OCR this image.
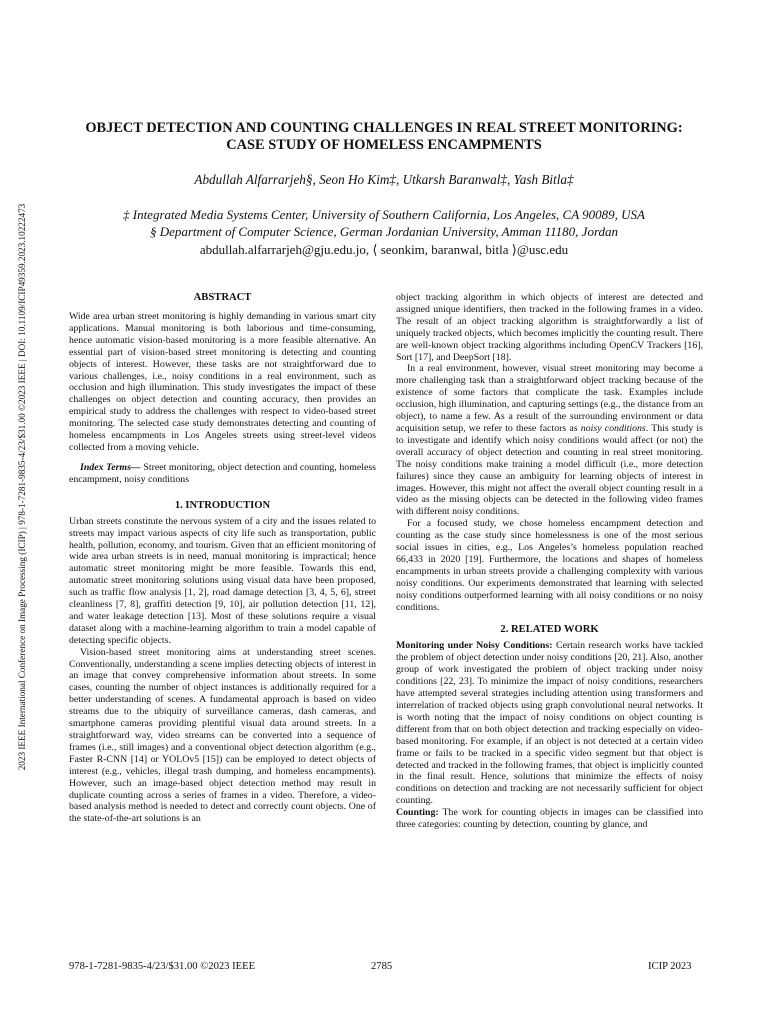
2023 IEEE International Conference on Image Processing (ICIP) | 978-1-7281-9835-4/23/$31.00 ©2023 IEEE | DOI: 10.1109/ICIP49359.2023.10222473
OBJECT DETECTION AND COUNTING CHALLENGES IN REAL STREET MONITORING:
CASE STUDY OF HOMELESS ENCAMPMENTS
Abdullah Alfarrarjeh§, Seon Ho Kim‡, Utkarsh Baranwal‡, Yash Bitla‡
‡ Integrated Media Systems Center, University of Southern California, Los Angeles, CA 90089, USA
§ Department of Computer Science, German Jordanian University, Amman 11180, Jordan
abdullah.alfarrarjeh@gju.edu.jo, ⟨ seonkim, baranwal, bitla ⟩@usc.edu
ABSTRACT

Wide area urban street monitoring is highly demanding in various smart city applications. Manual monitoring is both laborious and time-consuming, hence automatic vision-based monitoring is a more feasible alternative. An essential part of vision-based street monitoring is detecting and counting objects of interest. However, these tasks are not straightforward due to various challenges, i.e., noisy conditions in a real environment, such as occlusion and high illumination. This study investigates the impact of these challenges on object detection and counting accuracy, then provides an empirical study to address the challenges with respect to video-based street monitoring. The selected case study demonstrates detecting and counting of homeless encampments in Los Angeles streets using street-level videos collected from a moving vehicle.

Index Terms— Street monitoring, object detection and counting, homeless encampment, noisy conditions

1. INTRODUCTION

Urban streets constitute the nervous system of a city and the issues related to streets may impact various aspects of city life such as transportation, public health, pollution, economy, and tourism. Given that an efficient monitoring of wide area urban streets is in need, manual monitoring is impractical; hence automatic street monitoring might be more feasible. Towards this end, automatic street monitoring solutions using visual data have been proposed, such as traffic flow analysis [1, 2], road damage detection [3, 4, 5, 6], street cleanliness [7, 8], graffiti detection [9, 10], air pollution detection [11, 12], and water leakage detection [13]. Most of these solutions require a visual dataset along with a machine-learning algorithm to train a model capable of detecting specific objects.

Vision-based street monitoring aims at understanding street scenes. Conventionally, understanding a scene implies detecting objects of interest in an image that convey comprehensive information about streets. In some cases, counting the number of object instances is additionally required for a better understanding of scenes. A fundamental approach is based on video streams due to the ubiquity of surveillance cameras, dash cameras, and smartphone cameras providing plentiful visual data around streets. In a straightforward way, video streams can be converted into a sequence of frames (i.e., still images) and a conventional object detection algorithm (e.g., Faster R-CNN [14] or YOLOv5 [15]) can be employed to detect objects of interest (e.g., vehicles, illegal trash dumping, and homeless encampments). However, such an image-based object detection method may result in duplicate counting across a series of frames in a video. Therefore, a video-based analysis method is needed to detect and correctly count objects. One of the state-of-the-art solutions is an

object tracking algorithm in which objects of interest are detected and assigned unique identifiers, then tracked in the following frames in a video. The result of an object tracking algorithm is straightforwardly a list of uniquely tracked objects, which becomes implicitly the counting result. There are well-known object tracking algorithms including OpenCV Trackers [16], Sort [17], and DeepSort [18].

In a real environment, however, visual street monitoring may become a more challenging task than a straightforward object tracking because of the existence of some factors that complicate the task. Examples include occlusion, high illumination, and capturing settings (e.g., the distance from an object), to name a few. As a result of the surrounding environment or data acquisition setup, we refer to these factors as noisy conditions. This study is to investigate and identify which noisy conditions would affect (or not) the overall accuracy of object detection and counting in real street monitoring. The noisy conditions make training a model difficult (i.e., more detection failures) since they cause an ambiguity for learning objects of interest in images. However, this might not affect the overall object counting result in a video as the missing objects can be detected in the following video frames with different noisy conditions.

For a focused study, we chose homeless encampment detection and counting as the case study since homelessness is one of the most serious social issues in cities, e.g., Los Angeles’s homeless population reached 66,433 in 2020 [19]. Furthermore, the locations and shapes of homeless encampments in urban streets provide a challenging complexity with various noisy conditions. Our experiments demonstrated that learning with selected noisy conditions outperformed learning with all noisy conditions or no noisy conditions.

2. RELATED WORK

Monitoring under Noisy Conditions: Certain research works have tackled the problem of object detection under noisy conditions [20, 21]. Also, another group of work investigated the problem of object tracking under noisy conditions [22, 23]. To minimize the impact of noisy conditions, researchers have attempted several strategies including attention using transformers and interrelation of tracked objects using graph convolutional neural networks. It is worth noting that the impact of noisy conditions on object counting is different from that on both object detection and tracking especially on video-based monitoring. For example, if an object is not detected at a certain video frame or fails to be tracked in a specific video segment but that object is detected and tracked in the following frames, that object is implicitly counted in the final result. Hence, solutions that minimize the effects of noisy conditions on detection and tracking are not necessarily sufficient for object counting.

Counting: The work for counting objects in images can be classified into three categories: counting by detection, counting by glance, and

978-1-7281-9835-4/23/$31.00 ©2023 IEEE	2785	ICIP 2023
